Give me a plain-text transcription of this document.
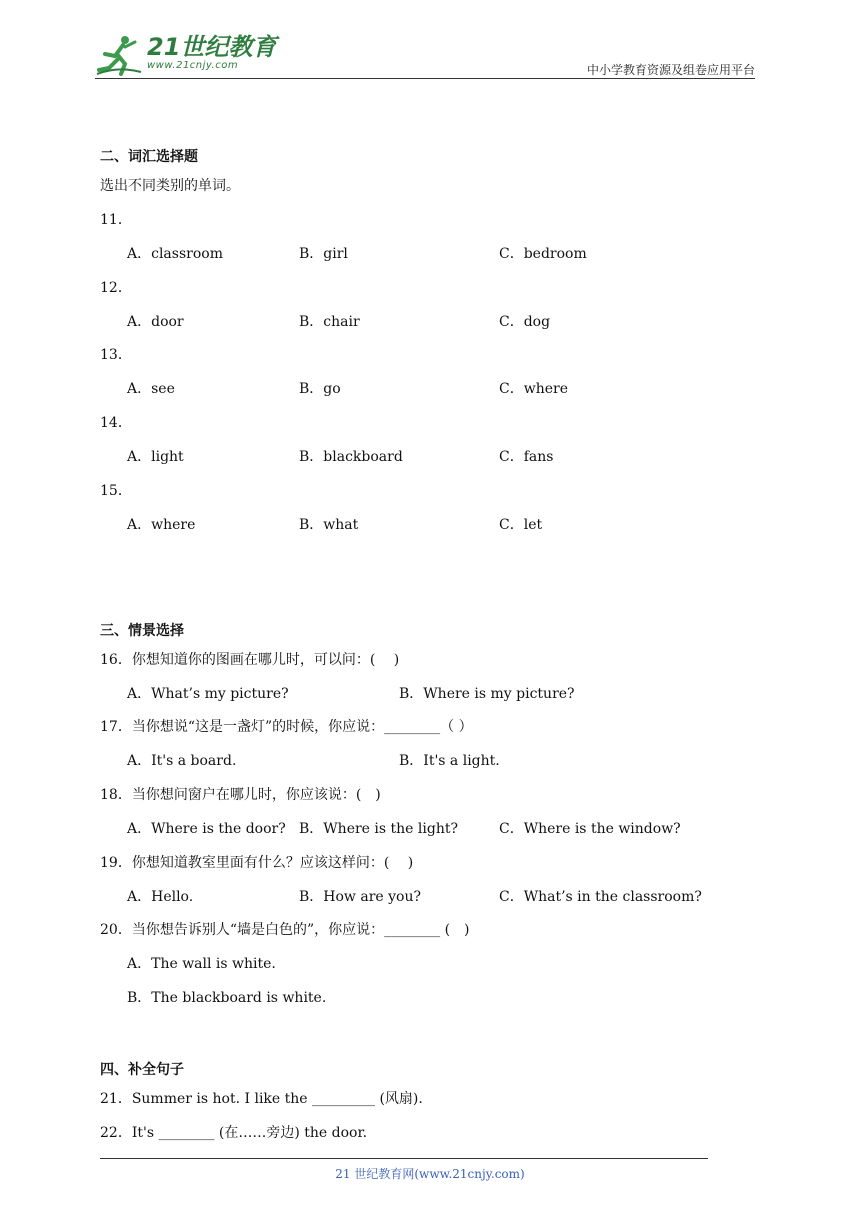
21世纪教育
www.21cnjy.com	中小学教育资源及组卷应用平台
二、词汇选择题
选出不同类别的单词。
11．
A．classroom	B．girl	C．bedroom
12．
A．door	B．chair	C．dog
13．
A．see	B．go	C．where
14．
A．light	B．blackboard	C．fans
15．
A．where	B．what	C．let
三、情景选择
16．你想知道你的图画在哪儿时，可以问：(　 )
A．What’s my picture?	B．Where is my picture?
17．当你想说“这是一盏灯”的时候，你应说：________（ ）
A．It's a board.	B．It's a light.
18．当你想问窗户在哪儿时，你应该说：(　)
A．Where is the door? B．Where is the light?	C．Where is the window?
19．你想知道教室里面有什么？应该这样问：(　 )
A．Hello.	B．How are you?	C．What’s in the classroom?
20．当你想告诉别人“墙是白色的”，你应说：________ (　)
A．The wall is white.
B．The blackboard is white.
四、补全句子
21．Summer is hot. I like the _________ (风扇).
22．It's ________ (在……旁边) the door.
21 世纪教育网(www.21cnjy.com)
